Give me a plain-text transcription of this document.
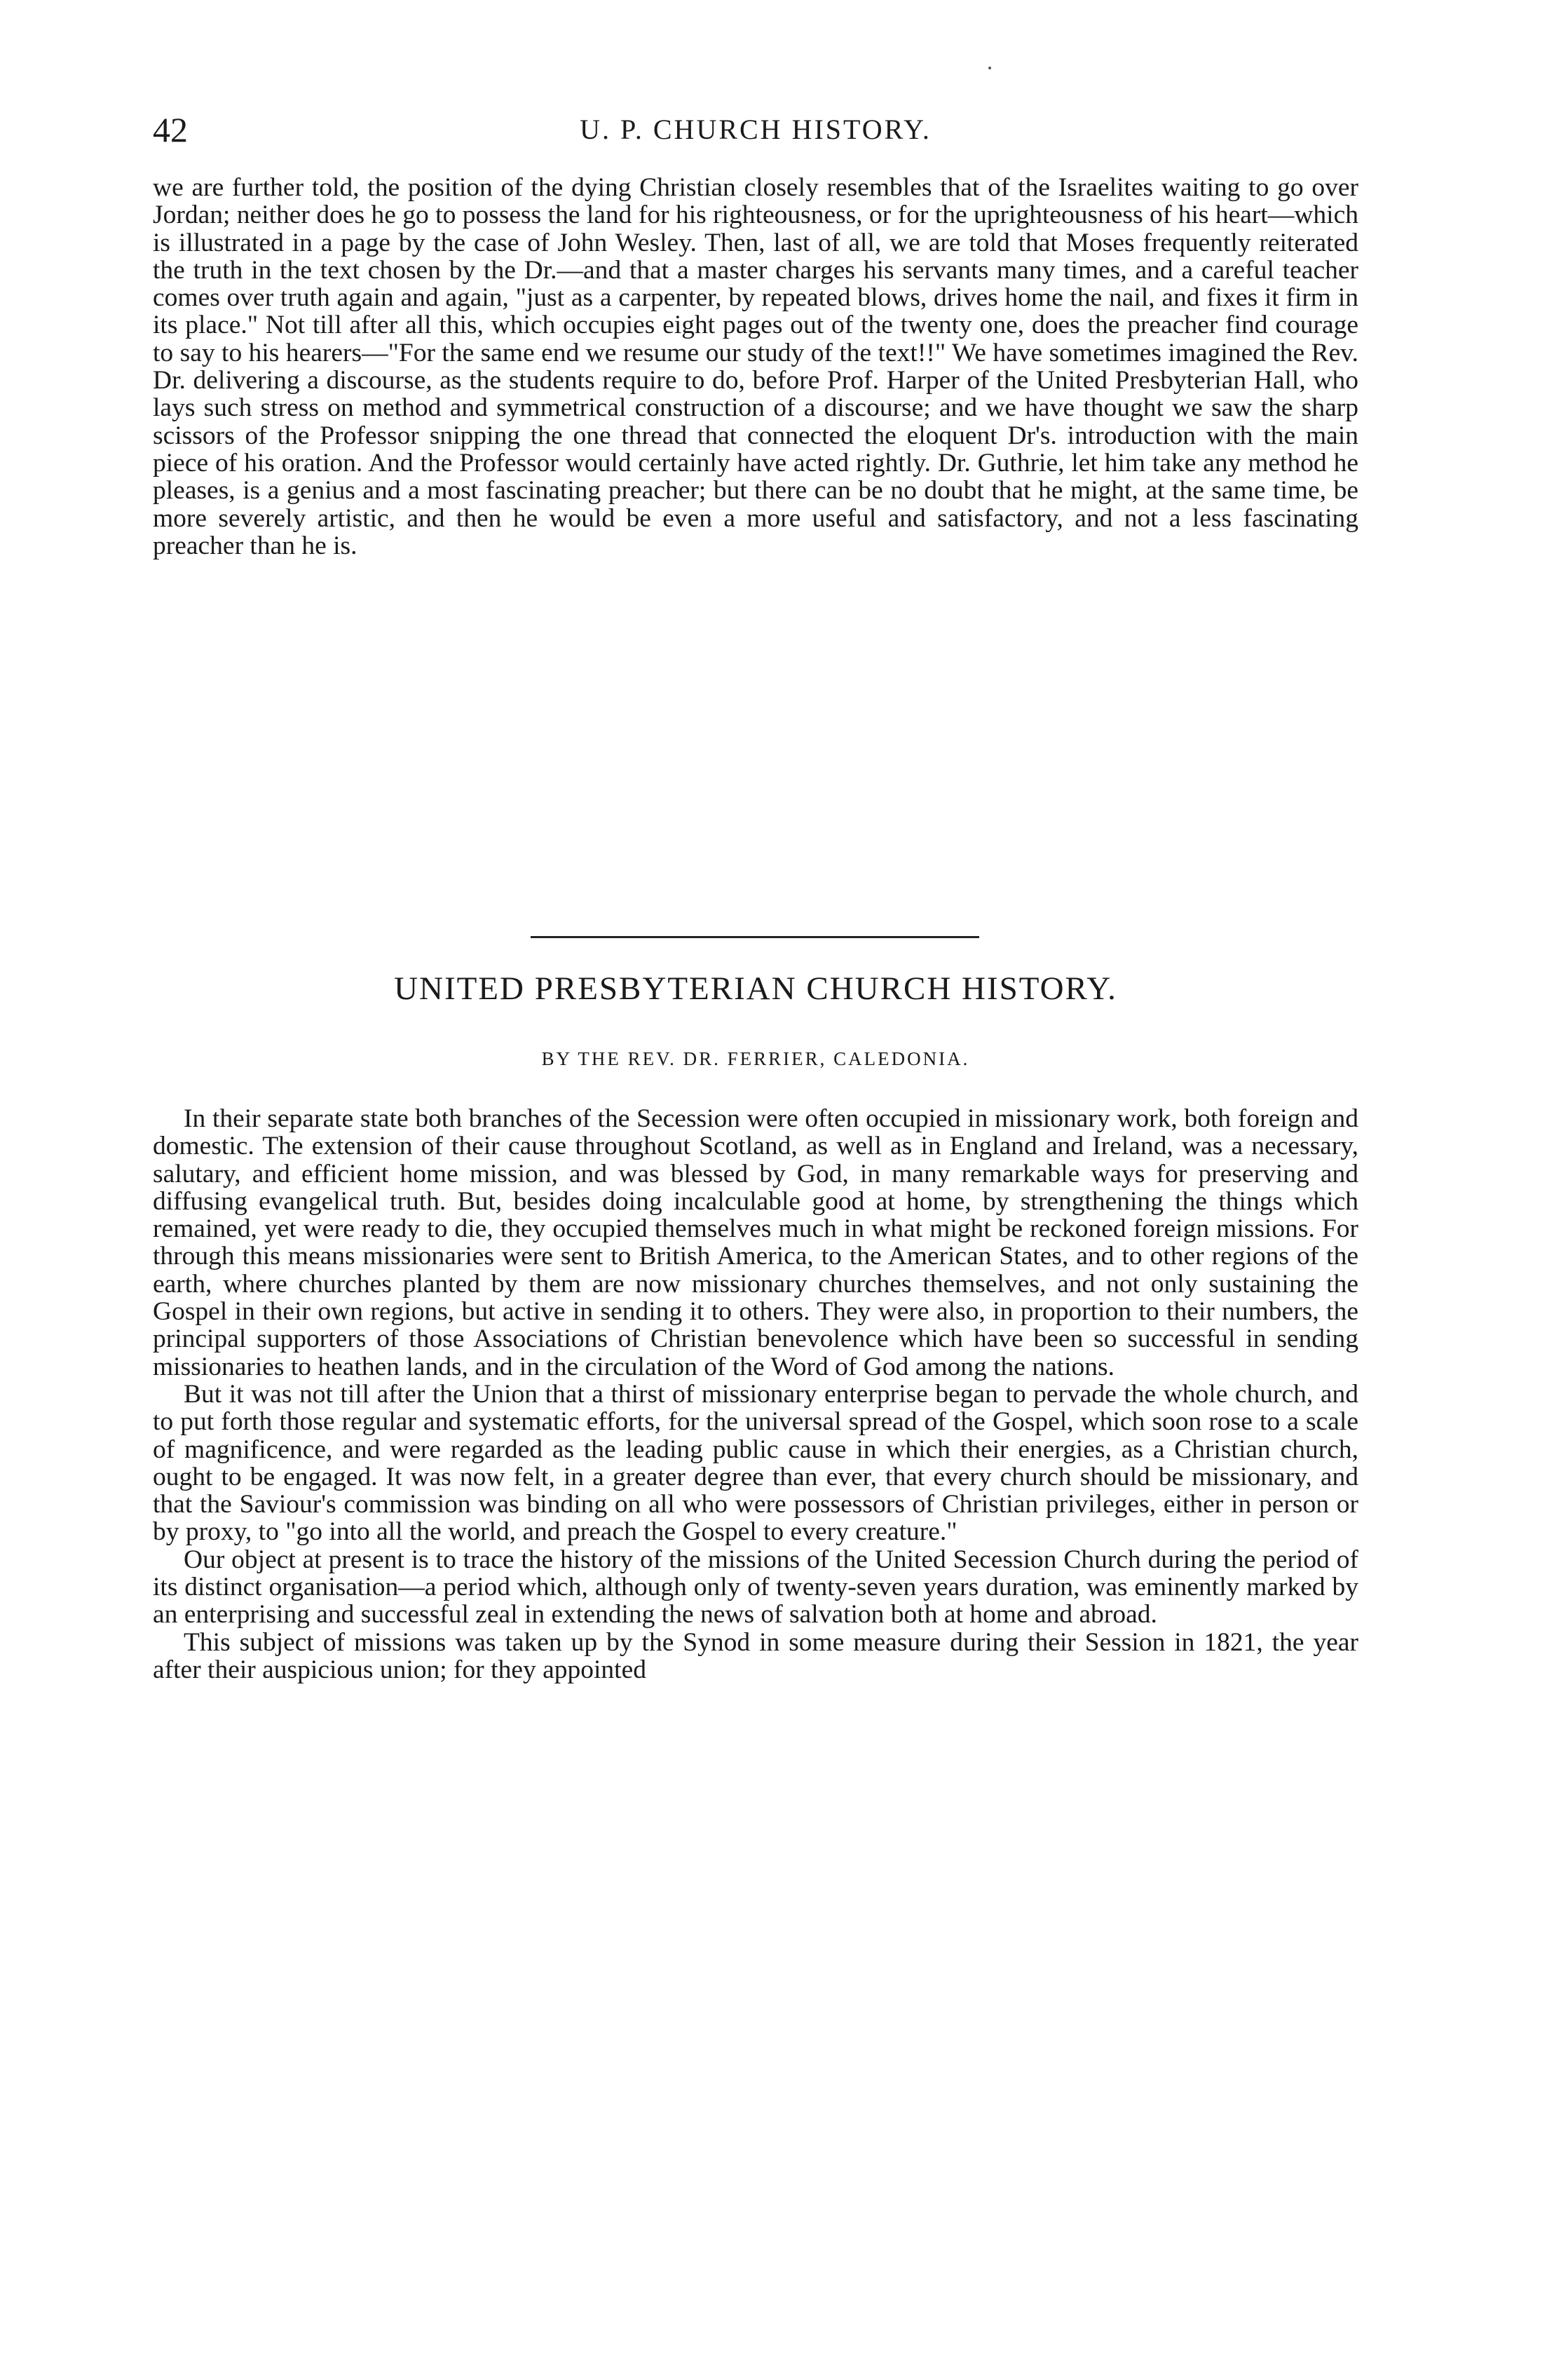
U. P. CHURCH HISTORY.
42

we are further told, the position of the dying Christian closely resembles that of the Israelites waiting to go over Jordan; neither does he go to possess the land for his righteousness, or for the uprighteousness of his heart—which is illustrated in a page by the case of John Wesley. Then, last of all, we are told that Moses frequently reiterated the truth in the text chosen by the Dr.—and that a master charges his servants many times, and a careful teacher comes over truth again and again, "just as a carpenter, by repeated blows, drives home the nail, and fixes it firm in its place." Not till after all this, which occupies eight pages out of the twenty one, does the preacher find courage to say to his hearers—"For the same end we resume our study of the text!!" We have sometimes imagined the Rev. Dr. delivering a discourse, as the students require to do, before Prof. Harper of the United Presbyterian Hall, who lays such stress on method and symmetrical construction of a discourse; and we have thought we saw the sharp scissors of the Professor snipping the one thread that connected the eloquent Dr's. introduction with the main piece of his oration. And the Professor would certainly have acted rightly. Dr. Guthrie, let him take any method he pleases, is a genius and a most fascinating preacher; but there can be no doubt that he might, at the same time, be more severely artistic, and then he would be even a more useful and satisfactory, and not a less fascinating preacher than he is.

UNITED PRESBYTERIAN CHURCH HISTORY.
BY THE REV. DR. FERRIER, CALEDONIA.

In their separate state both branches of the Secession were often occupied in missionary work, both foreign and domestic. The extension of their cause throughout Scotland, as well as in England and Ireland, was a necessary, salutary, and efficient home mission, and was blessed by God, in many remarkable ways for preserving and diffusing evangelical truth. But, besides doing incalculable good at home, by strengthening the things which remained, yet were ready to die, they occupied themselves much in what might be reckoned foreign missions. For through this means missionaries were sent to British America, to the American States, and to other regions of the earth, where churches planted by them are now missionary churches themselves, and not only sustaining the Gospel in their own regions, but active in sending it to others. They were also, in proportion to their numbers, the principal supporters of those Associations of Christian benevolence which have been so successful in sending missionaries to heathen lands, and in the circulation of the Word of God among the nations.

But it was not till after the Union that a thirst of missionary enterprise began to pervade the whole church, and to put forth those regular and systematic efforts, for the universal spread of the Gospel, which soon rose to a scale of magnificence, and were regarded as the leading public cause in which their energies, as a Christian church, ought to be engaged. It was now felt, in a greater degree than ever, that every church should be missionary, and that the Saviour's commission was binding on all who were possessors of Christian privileges, either in person or by proxy, to "go into all the world, and preach the Gospel to every creature."

Our object at present is to trace the history of the missions of the United Secession Church during the period of its distinct organisation—a period which, although only of twenty-seven years duration, was eminently marked by an enterprising and successful zeal in extending the news of salvation both at home and abroad.

This subject of missions was taken up by the Synod in some measure during their Session in 1821, the year after their auspicious union; for they appointed
